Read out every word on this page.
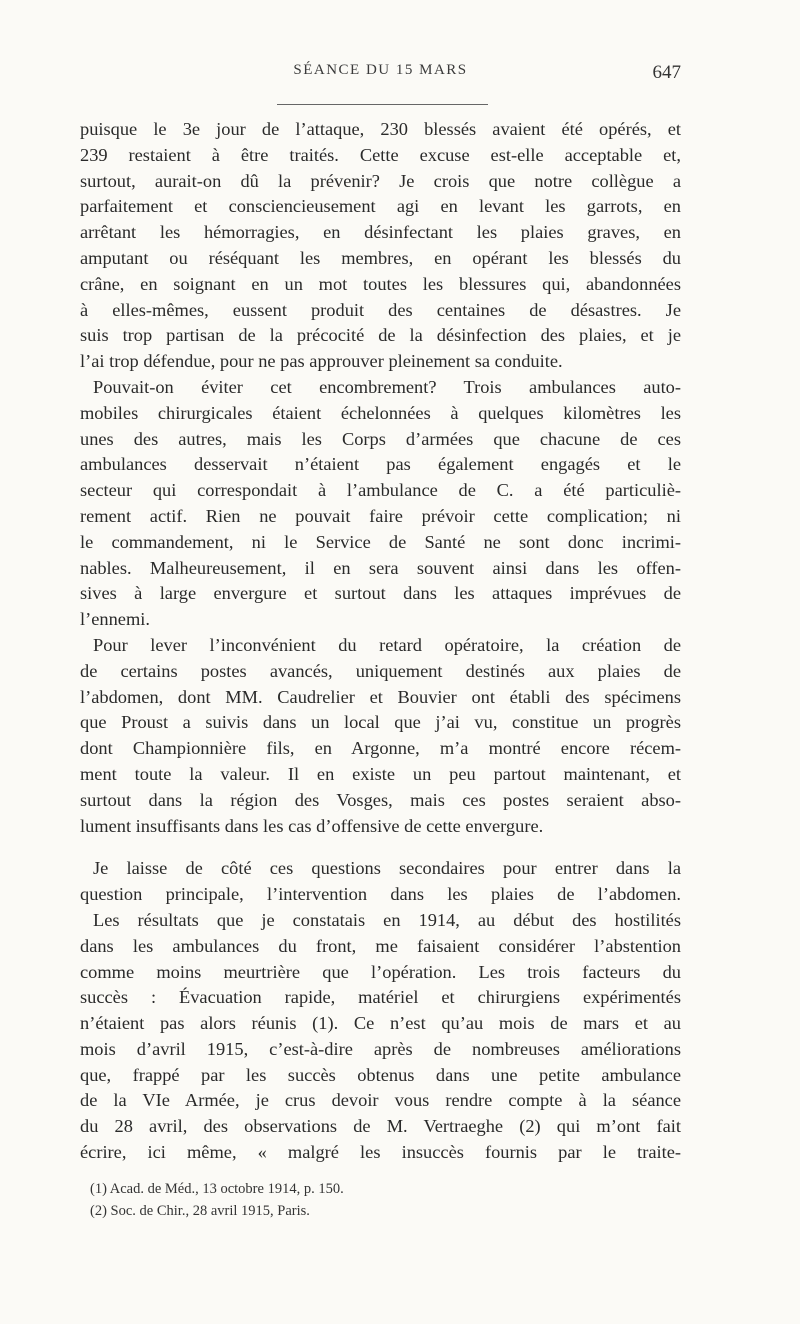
SÉANCE DU 15 MARS	647
puisque le 3e jour de l’attaque, 230 blessés avaient été opérés, et
239 restaient à être traités. Cette excuse est-elle acceptable et,
surtout, aurait-on dû la prévenir? Je crois que notre collègue a
parfaitement et consciencieusement agi en levant les garrots, en
arrêtant les hémorragies, en désinfectant les plaies graves, en
amputant ou réséquant les membres, en opérant les blessés du
crâne, en soignant en un mot toutes les blessures qui, abandonnées
à elles-mêmes, eussent produit des centaines de désastres. Je
suis trop partisan de la précocité de la désinfection des plaies, et je
l’ai trop défendue, pour ne pas approuver pleinement sa conduite.
Pouvait-on éviter cet encombrement? Trois ambulances auto-
mobiles chirurgicales étaient échelonnées à quelques kilomètres les
unes des autres, mais les Corps d’armées que chacune de ces
ambulances desservait n’étaient pas également engagés et le
secteur qui correspondait à l’ambulance de C. a été particuliè-
rement actif. Rien ne pouvait faire prévoir cette complication; ni
le commandement, ni le Service de Santé ne sont donc incrimi-
nables. Malheureusement, il en sera souvent ainsi dans les offen-
sives à large envergure et surtout dans les attaques imprévues de
l’ennemi.
Pour lever l’inconvénient du retard opératoire, la création de
de certains postes avancés, uniquement destinés aux plaies de
l’abdomen, dont MM. Caudrelier et Bouvier ont établi des spécimens
que Proust a suivis dans un local que j’ai vu, constitue un progrès
dont Championnière fils, en Argonne, m’a montré encore récem-
ment toute la valeur. Il en existe un peu partout maintenant, et
surtout dans la région des Vosges, mais ces postes seraient abso-
lument insuffisants dans les cas d’offensive de cette envergure.
Je laisse de côté ces questions secondaires pour entrer dans la
question principale, l’intervention dans les plaies de l’abdomen.
Les résultats que je constatais en 1914, au début des hostilités
dans les ambulances du front, me faisaient considérer l’abstention
comme moins meurtrière que l’opération. Les trois facteurs du
succès : Évacuation rapide, matériel et chirurgiens expérimentés
n’étaient pas alors réunis (1). Ce n’est qu’au mois de mars et au
mois d’avril 1915, c’est-à-dire après de nombreuses améliorations
que, frappé par les succès obtenus dans une petite ambulance
de la VIe Armée, je crus devoir vous rendre compte à la séance
du 28 avril, des observations de M. Vertraeghe (2) qui m’ont fait
écrire, ici même, « malgré les insuccès fournis par le traite-
(1) Acad. de Méd., 13 octobre 1914, p. 150.
(2) Soc. de Chir., 28 avril 1915, Paris.
